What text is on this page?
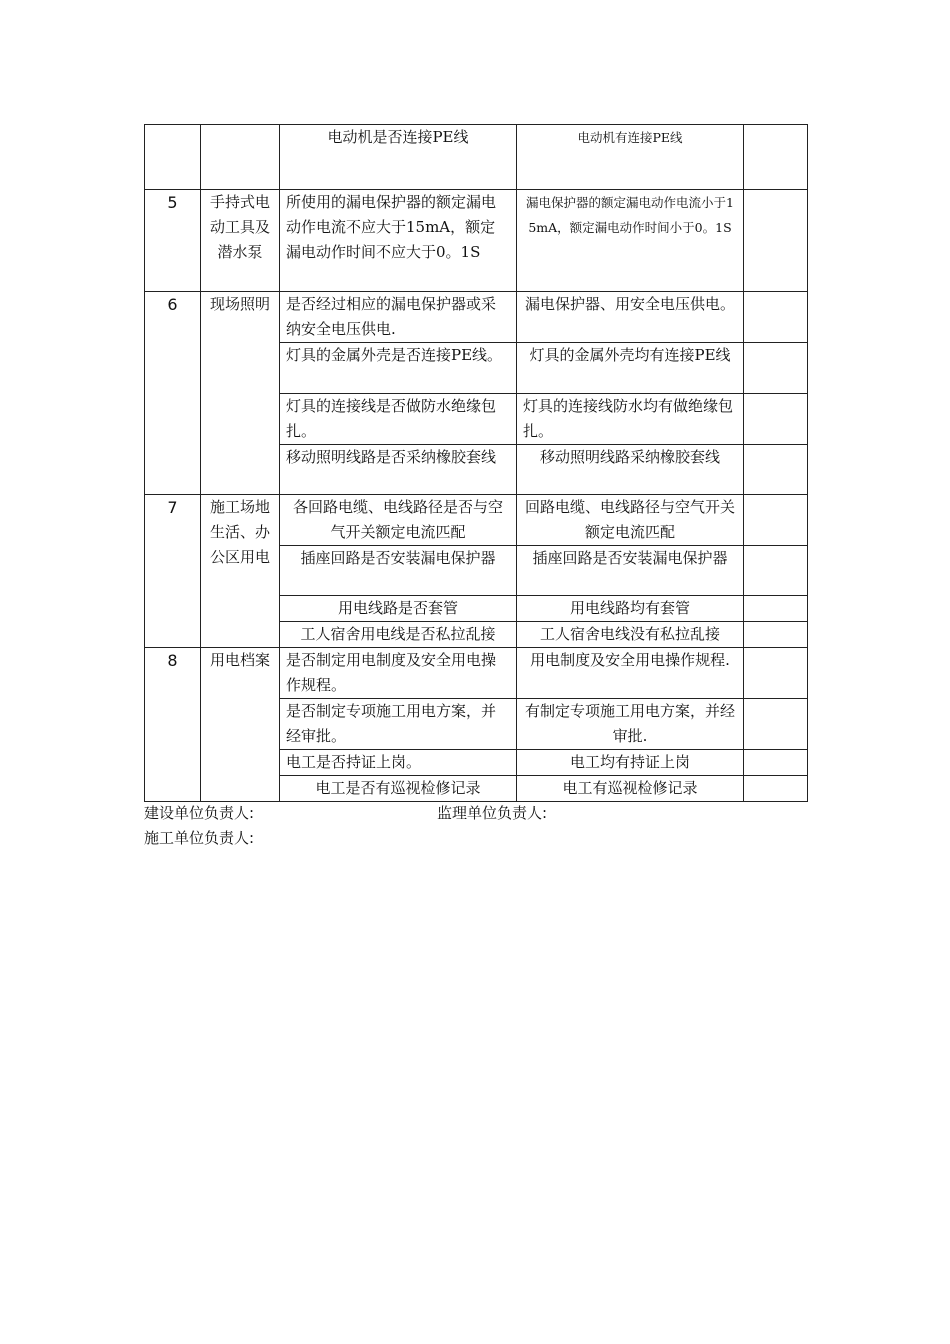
		电动机是否连接PE线	电动机有连接PE线	
5	手持式电动工具及潜水泵	所使用的漏电保护器的额定漏电动作电流不应大于15mA，额定漏电动作时间不应大于0。1S	漏电保护器的额定漏电动作电流小于15mA，额定漏电动作时间小于0。1S	
6	现场照明	是否经过相应的漏电保护器或采纳安全电压供电.	漏电保护器、用安全电压供电。	
		灯具的金属外壳是否连接PE线。	灯具的金属外壳均有连接PE线	
		灯具的连接线是否做防水绝缘包扎。	灯具的连接线防水均有做绝缘包扎。	
		移动照明线路是否采纳橡胶套线	移动照明线路采纳橡胶套线	
7	施工场地生活、办公区用电	各回路电缆、电线路径是否与空气开关额定电流匹配	回路电缆、电线路径与空气开关额定电流匹配	
		插座回路是否安装漏电保护器	插座回路是否安装漏电保护器	
		用电线路是否套管	用电线路均有套管	
		工人宿舍用电线是否私拉乱接	工人宿舍电线没有私拉乱接	
8	用电档案	是否制定用电制度及安全用电操作规程。	用电制度及安全用电操作规程.	
		是否制定专项施工用电方案，并经审批。	有制定专项施工用电方案，并经审批.	
		电工是否持证上岗。	电工均有持证上岗	
		电工是否有巡视检修记录	电工有巡视检修记录	
建设单位负责人:	监理单位负责人:
施工单位负责人:
